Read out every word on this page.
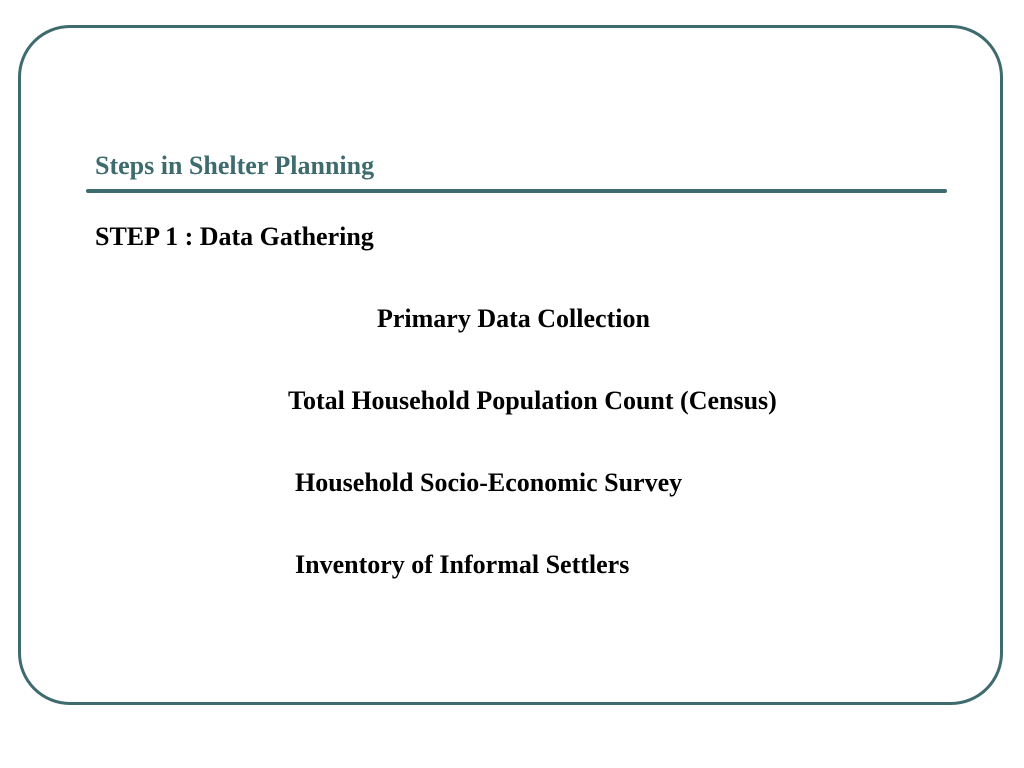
Steps in Shelter Planning

STEP 1 : Data Gathering

Primary Data Collection

Total Household Population Count (Census)

Household Socio-Economic Survey

Inventory of Informal Settlers
